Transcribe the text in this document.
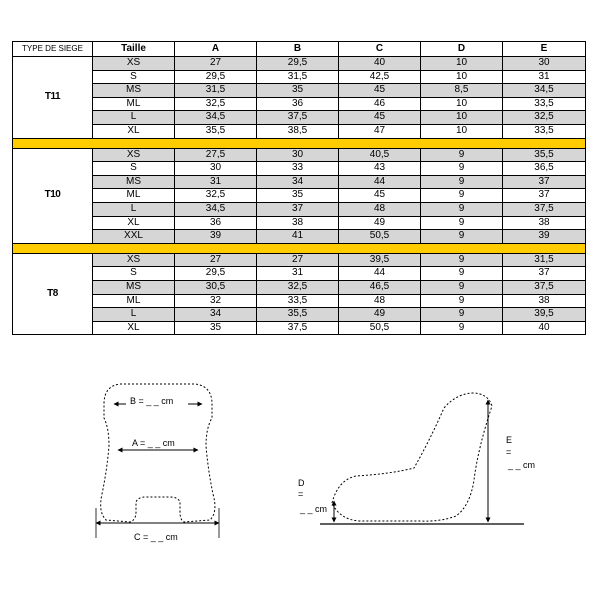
TYPE DE SIEGE	Taille	A	B	C	D	E
T11	XS	27	29,5	40	10	30
	S	29,5	31,5	42,5	10	31
	MS	31,5	35	45	8,5	34,5
	ML	32,5	36	46	10	33,5
	L	34,5	37,5	45	10	32,5
	XL	35,5	38,5	47	10	33,5

T10	XS	27,5	30	40,5	9	35,5
	S	30	33	43	9	36,5
	MS	31	34	44	9	37
	ML	32,5	35	45	9	37
	L	34,5	37	48	9	37,5
	XL	36	38	49	9	38
	XXL	39	41	50,5	9	39

T8	XS	27	27	39,5	9	31,5
	S	29,5	31	44	9	37
	MS	30,5	32,5	46,5	9	37,5
	ML	32	33,5	48	9	38
	L	34	35,5	49	9	39,5
	XL	35	37,5	50,5	9	40
B = _ _ cm
A = _ _ cm
C = _ _ cm
E
=
_ _ cm
D
=
_ _ cm
